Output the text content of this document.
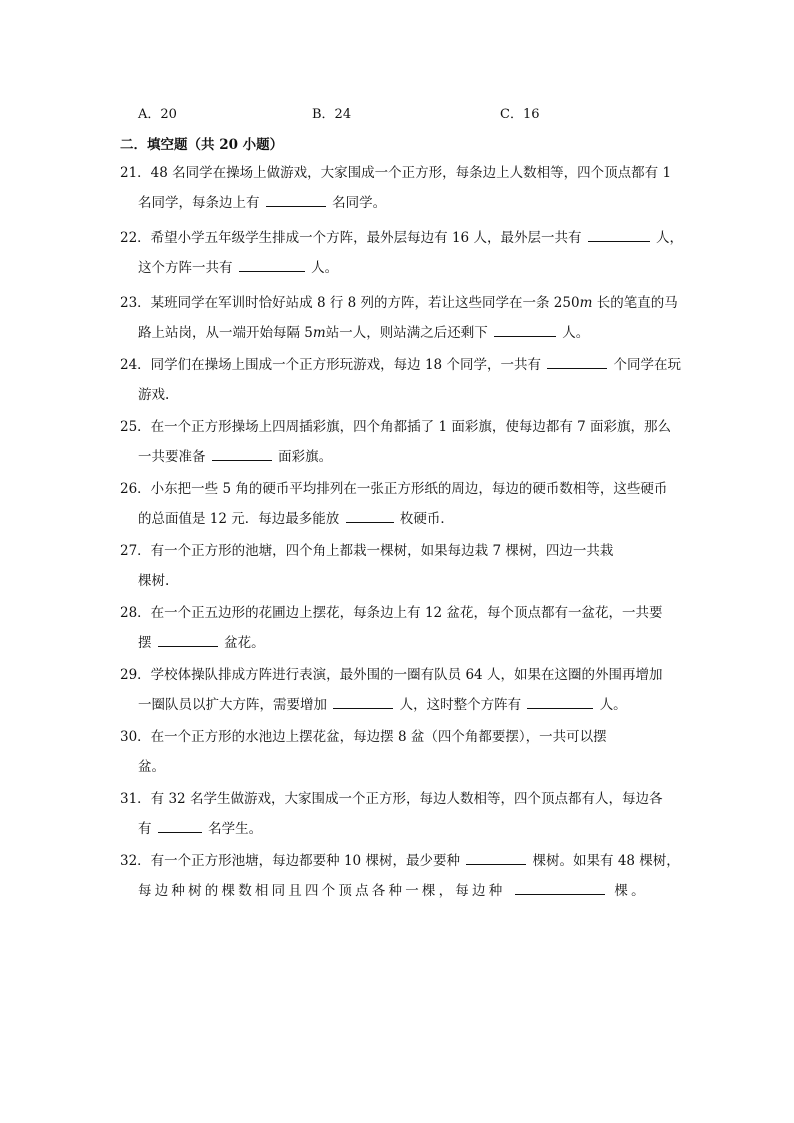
A．20	B．24	C．16
二．填空题（共 20 小题）
21．48 名同学在操场上做游戏，大家围成一个正方形，每条边上人数相等，四个顶点都有 1
名同学，每条边上有	名同学。
22．希望小学五年级学生排成一个方阵，最外层每边有 16 人，最外层一共有	人，
这个方阵一共有	人。
23．某班同学在军训时恰好站成 8 行 8 列的方阵，若让这些同学在一条 250m 长的笔直的马
路上站岗，从一端开始每隔 5m站一人，则站满之后还剩下	人。
24．同学们在操场上围成一个正方形玩游戏，每边 18 个同学，一共有	个同学在玩
游戏.
25．在一个正方形操场上四周插彩旗，四个角都插了 1 面彩旗，使每边都有 7 面彩旗，那么
一共要准备	面彩旗。
26．小东把一些 5 角的硬币平均排列在一张正方形纸的周边，每边的硬币数相等，这些硬币
的总面值是 12 元．每边最多能放	枚硬币．
27．有一个正方形的池塘，四个角上都栽一棵树，如果每边栽 7 棵树，四边一共栽
棵树.
28．在一个正五边形的花圃边上摆花，每条边上有 12 盆花，每个顶点都有一盆花，一共要
摆	盆花。
29．学校体操队排成方阵进行表演，最外围的一圈有队员 64 人，如果在这圈的外围再增加
一圈队员以扩大方阵，需要增加	人，这时整个方阵有	人。
30．在一个正方形的水池边上摆花盆，每边摆 8 盆（四个角都要摆），一共可以摆
盆。
31．有 32 名学生做游戏，大家围成一个正方形，每边人数相等，四个顶点都有人，每边各
有	名学生。
32．有一个正方形池塘，每边都要种 10 棵树，最少要种	棵树。如果有 48 棵树，
每边种树的棵数相同且四个顶点各种一棵，每边种	棵。
